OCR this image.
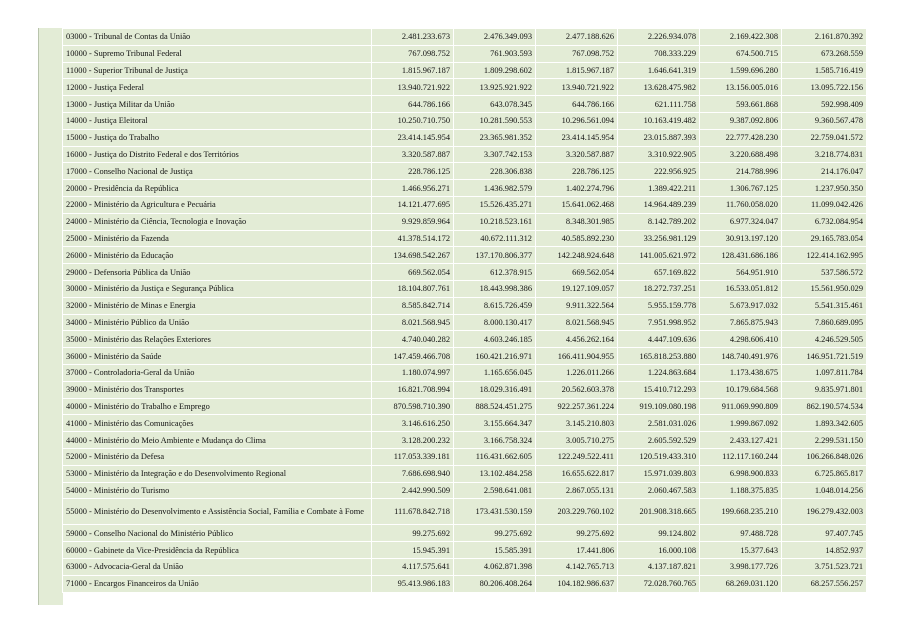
03000 - Tribunal de Contas da União	2.481.233.673	2.476.349.093	2.477.188.626	2.226.934.078	2.169.422.308	2.161.870.392
10000 - Supremo Tribunal Federal	767.098.752	761.903.593	767.098.752	708.333.229	674.500.715	673.268.559
11000 - Superior Tribunal de Justiça	1.815.967.187	1.809.298.602	1.815.967.187	1.646.641.319	1.599.696.280	1.585.716.419
12000 - Justiça Federal	13.940.721.922	13.925.921.922	13.940.721.922	13.628.475.982	13.156.005.016	13.095.722.156
13000 - Justiça Militar da União	644.786.166	643.078.345	644.786.166	621.111.758	593.661.868	592.998.409
14000 - Justiça Eleitoral	10.250.710.750	10.281.590.553	10.296.561.094	10.163.419.482	9.387.092.806	9.360.567.478
15000 - Justiça do Trabalho	23.414.145.954	23.365.981.352	23.414.145.954	23.015.887.393	22.777.428.230	22.759.041.572
16000 - Justiça do Distrito Federal e dos Territórios	3.320.587.887	3.307.742.153	3.320.587.887	3.310.922.905	3.220.688.498	3.218.774.831
17000 - Conselho Nacional de Justiça	228.786.125	228.306.838	228.786.125	222.956.925	214.788.996	214.176.047
20000 - Presidência da República	1.466.956.271	1.436.982.579	1.402.274.796	1.389.422.211	1.306.767.125	1.237.950.350
22000 - Ministério da Agricultura e Pecuária	14.121.477.695	15.526.435.271	15.641.062.468	14.964.489.239	11.760.058.020	11.099.042.426
24000 - Ministério da Ciência, Tecnologia e Inovação	9.929.859.964	10.218.523.161	8.348.301.985	8.142.789.202	6.977.324.047	6.732.084.954
25000 - Ministério da Fazenda	41.378.514.172	40.672.111.312	40.585.892.230	33.256.981.129	30.913.197.120	29.165.783.054
26000 - Ministério da Educação	134.698.542.267	137.170.806.377	142.248.924.648	141.005.621.972	128.431.686.186	122.414.162.995
29000 - Defensoria Pública da União	669.562.054	612.378.915	669.562.054	657.169.822	564.951.910	537.586.572
30000 - Ministério da Justiça e Segurança Pública	18.104.807.761	18.443.998.386	19.127.109.057	18.272.737.251	16.533.051.812	15.561.950.029
32000 - Ministério de Minas e Energia	8.585.842.714	8.615.726.459	9.911.322.564	5.955.159.778	5.673.917.032	5.541.315.461
34000 - Ministério Público da União	8.021.568.945	8.000.130.417	8.021.568.945	7.951.998.952	7.865.875.943	7.860.689.095
35000 - Ministério das Relações Exteriores	4.740.040.282	4.603.246.185	4.456.262.164	4.447.109.636	4.298.606.410	4.246.529.505
36000 - Ministério da Saúde	147.459.466.708	160.421.216.971	166.411.904.955	165.818.253.880	148.740.491.976	146.951.721.519
37000 - Controladoria-Geral da União	1.180.074.997	1.165.656.045	1.226.011.266	1.224.863.684	1.173.438.675	1.097.811.784
39000 - Ministério dos Transportes	16.821.708.994	18.029.316.491	20.562.603.378	15.410.712.293	10.179.684.568	9.835.971.801
40000 - Ministério do Trabalho e Emprego	870.598.710.390	888.524.451.275	922.257.361.224	919.109.080.198	911.069.990.809	862.190.574.534
41000 - Ministério das Comunicações	3.146.616.250	3.155.664.347	3.145.210.803	2.581.031.026	1.999.867.092	1.893.342.605
44000 - Ministério do Meio Ambiente e Mudança do Clima	3.128.200.232	3.166.758.324	3.005.710.275	2.605.592.529	2.433.127.421	2.299.531.150
52000 - Ministério da Defesa	117.053.339.181	116.431.662.605	122.249.522.411	120.519.433.310	112.117.160.244	106.266.848.026
53000 - Ministério da Integração e do Desenvolvimento Regional	7.686.698.940	13.102.484.258	16.655.622.817	15.971.039.803	6.998.900.833	6.725.865.817
54000 - Ministério do Turismo	2.442.990.509	2.598.641.081	2.867.055.131	2.060.467.583	1.188.375.835	1.048.014.256
55000 - Ministério do Desenvolvimento e Assistência Social, Família e Combate à Fome	111.678.842.718	173.431.530.159	203.229.760.102	201.908.318.665	199.668.235.210	196.279.432.003
59000 - Conselho Nacional do Ministério Público	99.275.692	99.275.692	99.275.692	99.124.802	97.488.728	97.407.745
60000 - Gabinete da Vice-Presidência da República	15.945.391	15.585.391	17.441.806	16.000.108	15.377.643	14.852.937
63000 - Advocacia-Geral da União	4.117.575.641	4.062.871.398	4.142.765.713	4.137.187.821	3.998.177.726	3.751.523.721
71000 - Encargos Financeiros da União	95.413.986.183	80.206.408.264	104.182.986.637	72.028.760.765	68.269.031.120	68.257.556.257
